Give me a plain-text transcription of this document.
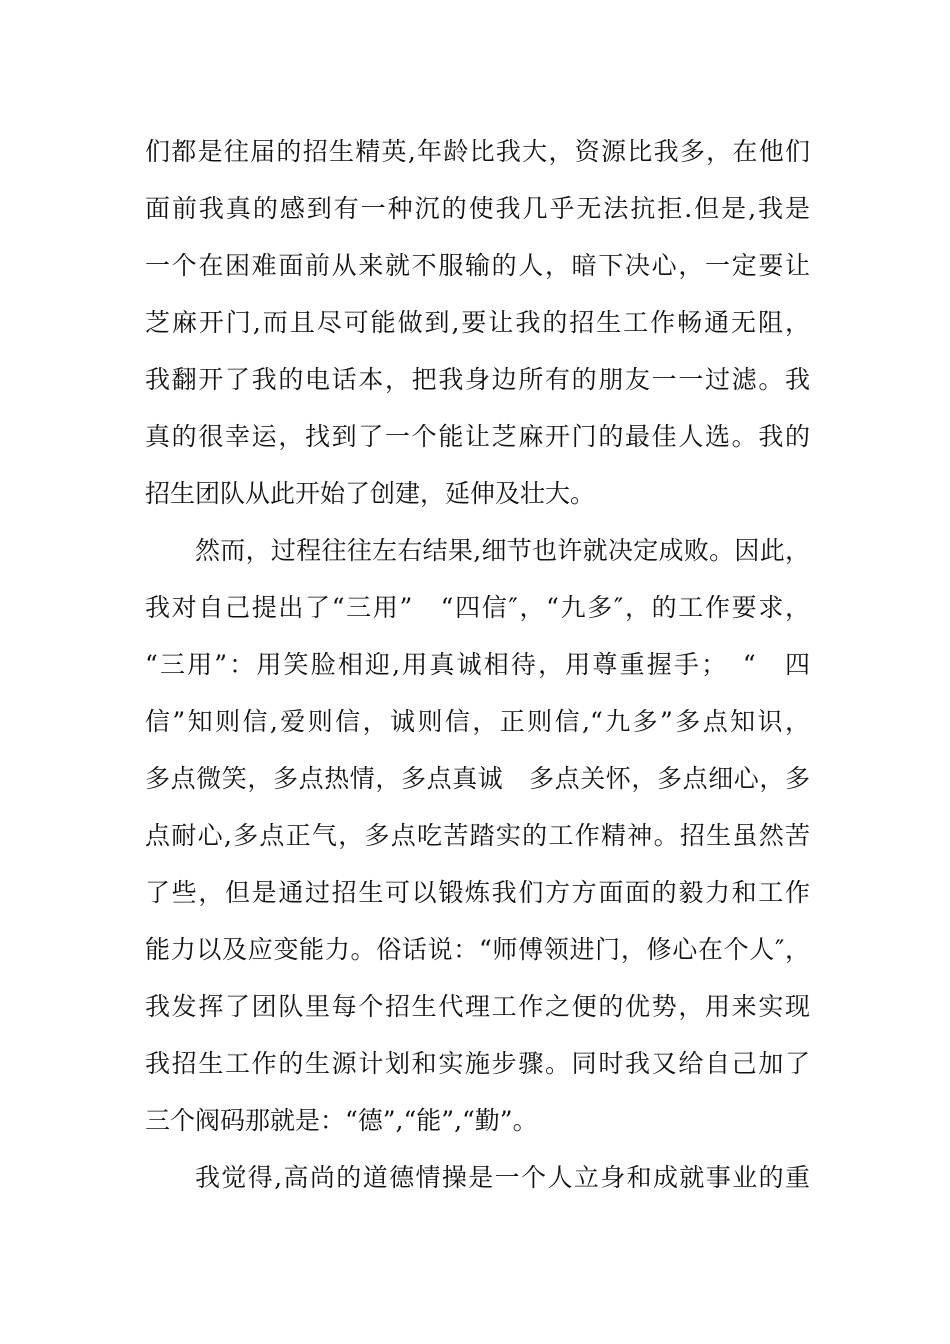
们都是往届的招生精英,年龄比我大，资源比我多，在他们
面前我真的感到有一种沉的使我几乎无法抗拒.但是,我是
一个在困难面前从来就不服输的人，暗下决心，一定要让
芝麻开门,而且尽可能做到,要让我的招生工作畅通无阻，
我翻开了我的电话本，把我身边所有的朋友一一过滤。我
真的很幸运，找到了一个能让芝麻开门的最佳人选。我的
招生团队从此开始了创建，延伸及壮大。
然而，过程往往左右结果,细节也许就决定成败。因此，
我对自己提出了“三用”　“四信″，“九多″，的工作要求，
“三用”：用笑脸相迎,用真诚相待，用尊重握手；　“　四
信”知则信,爱则信，诚则信，正则信,“九多”多点知识，
多点微笑，多点热情，多点真诚　多点关怀，多点细心，多
点耐心,多点正气，多点吃苦踏实的工作精神。招生虽然苦
了些，但是通过招生可以锻炼我们方方面面的毅力和工作
能力以及应变能力。俗话说：“师傅领进门，修心在个人″，
我发挥了团队里每个招生代理工作之便的优势，用来实现
我招生工作的生源计划和实施步骤。同时我又给自己加了
三个阀码那就是：“德”,“能”,“勤”。
我觉得,高尚的道德情操是一个人立身和成就事业的重
